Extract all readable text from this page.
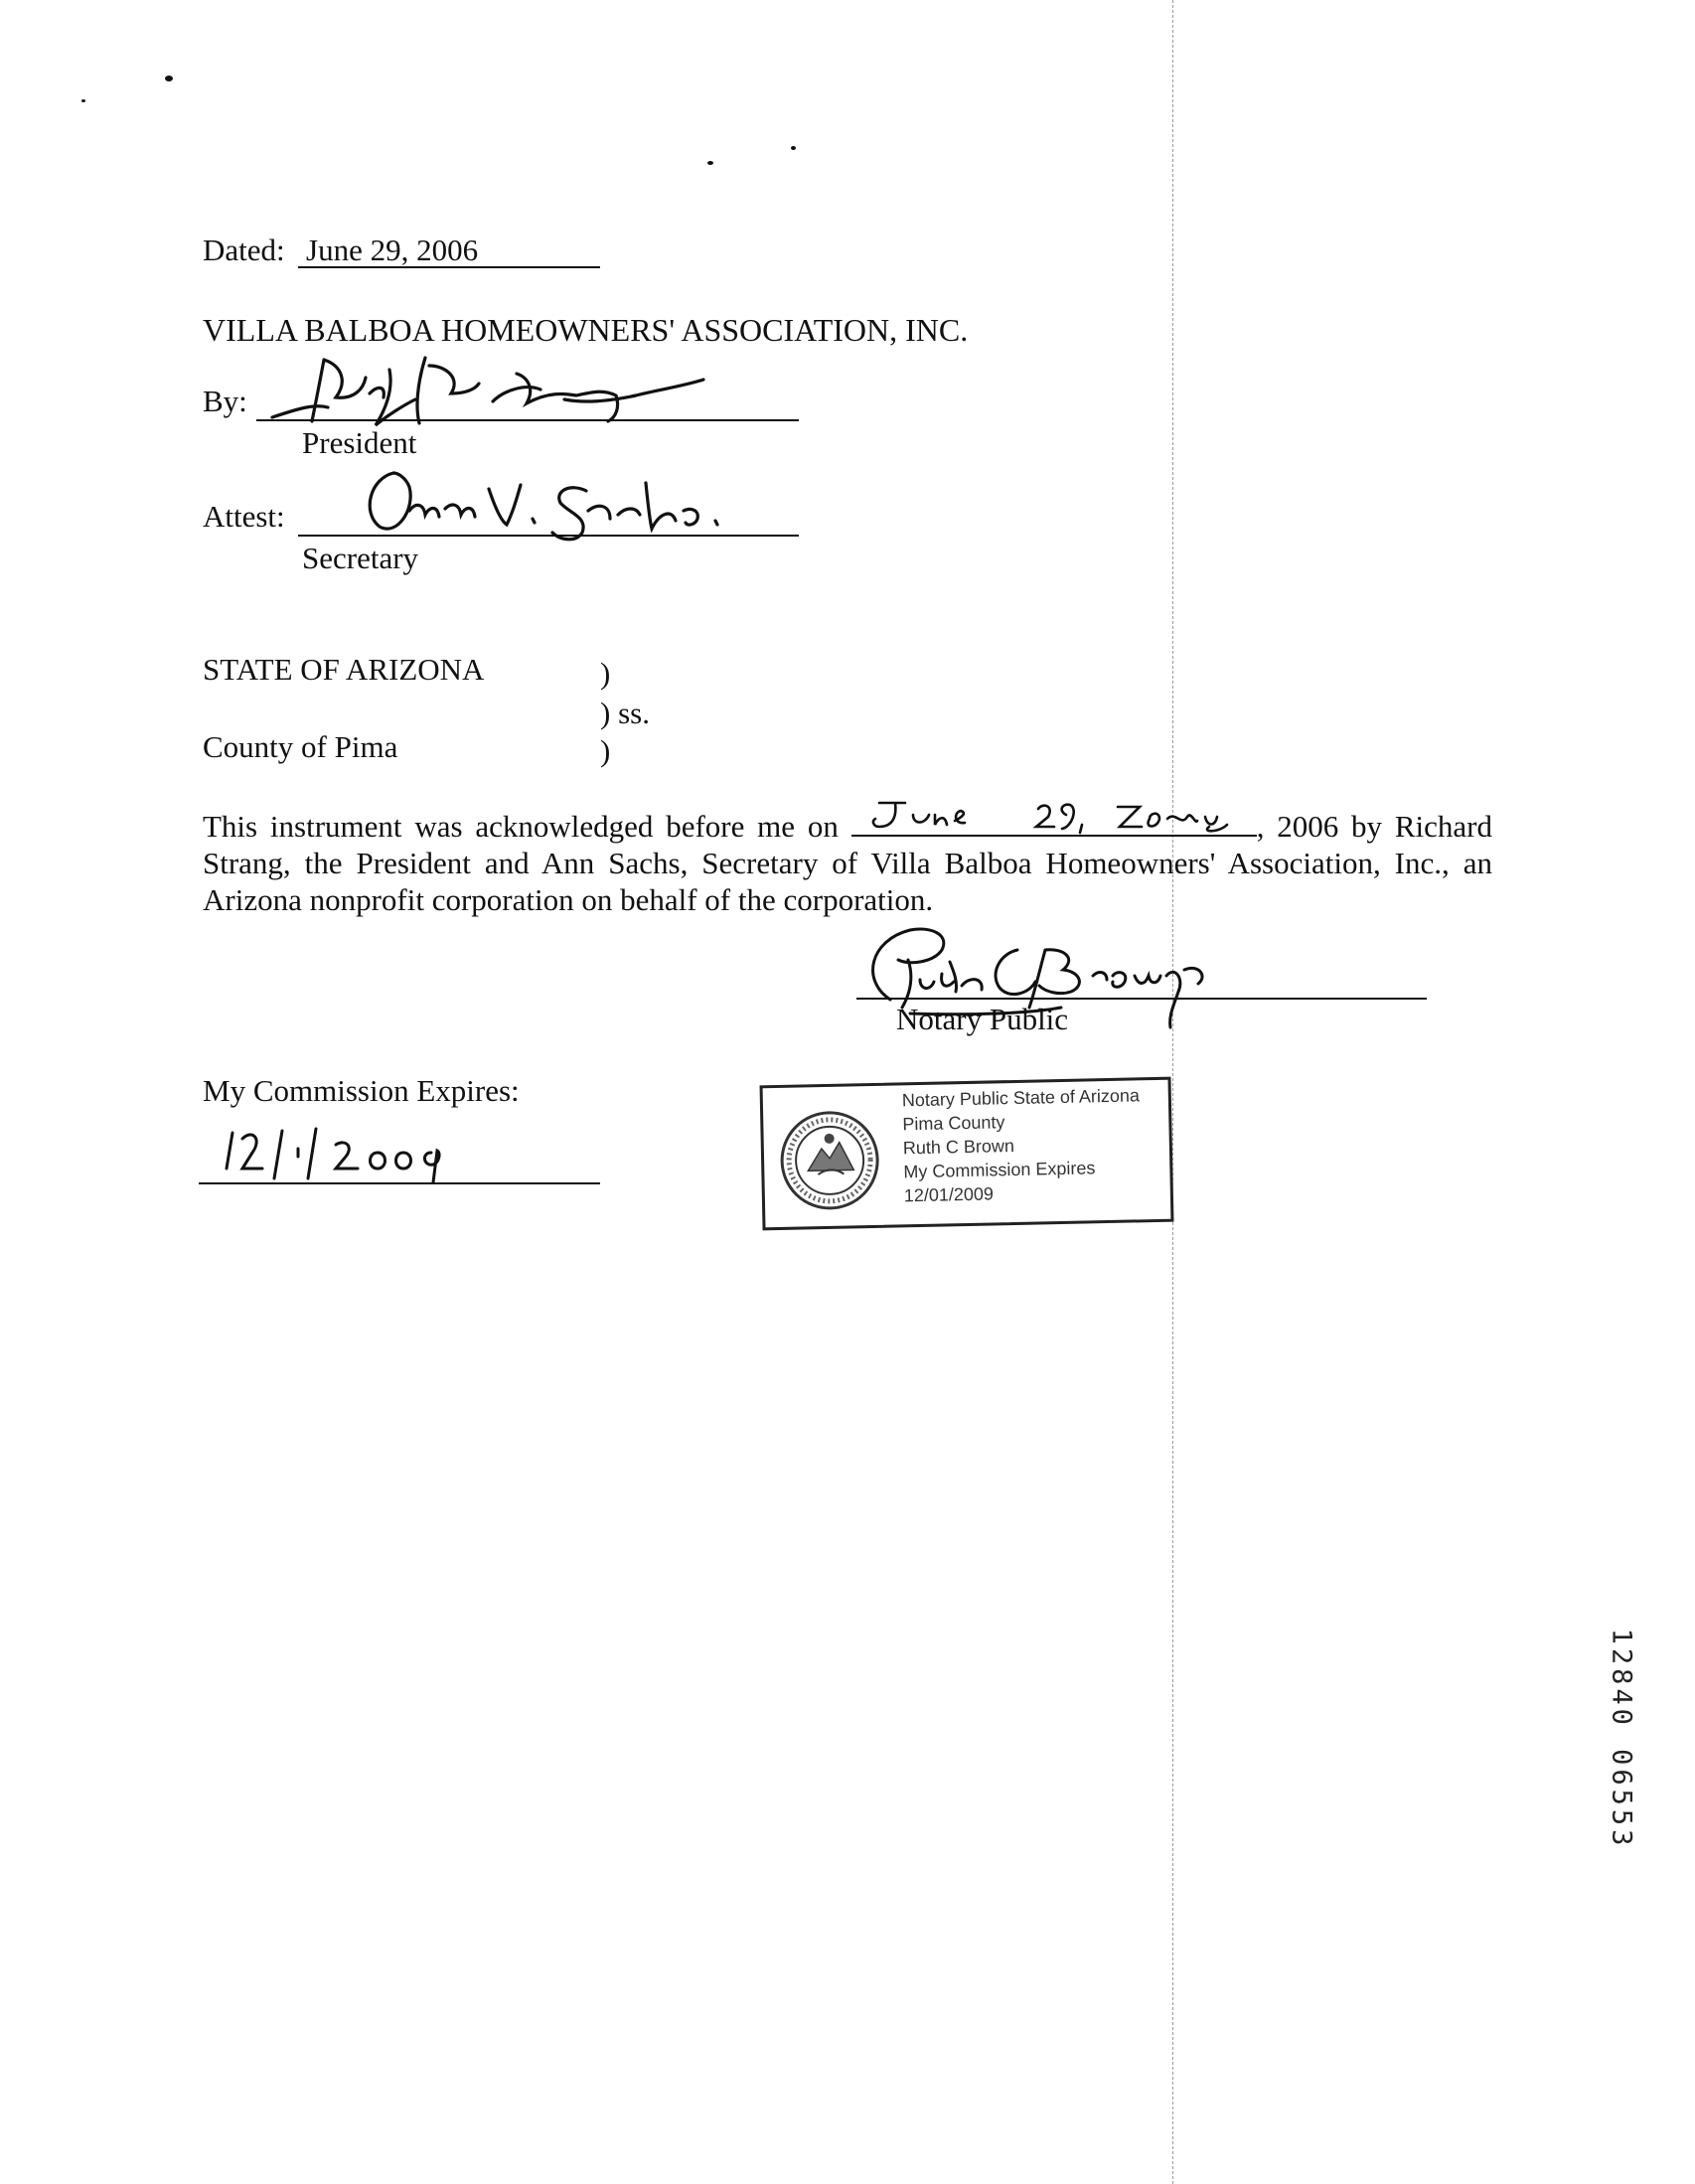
Dated: June 29, 2006
VILLA BALBOA HOMEOWNERS' ASSOCIATION, INC.
By:
President
Attest:
Secretary
STATE OF ARIZONA	)
) ss.
County of Pima	)
This instrument was acknowledged before me on	, 2006 by Richard Strang, the President and Ann Sachs, Secretary of Villa Balboa Homeowners' Association, Inc., an Arizona nonprofit corporation on behalf of the corporation.
Notary Public
My Commission Expires:	Notary Public State of Arizona
Pima County
Ruth C Brown
My Commission Expires
12/01/2009
12840 06553
